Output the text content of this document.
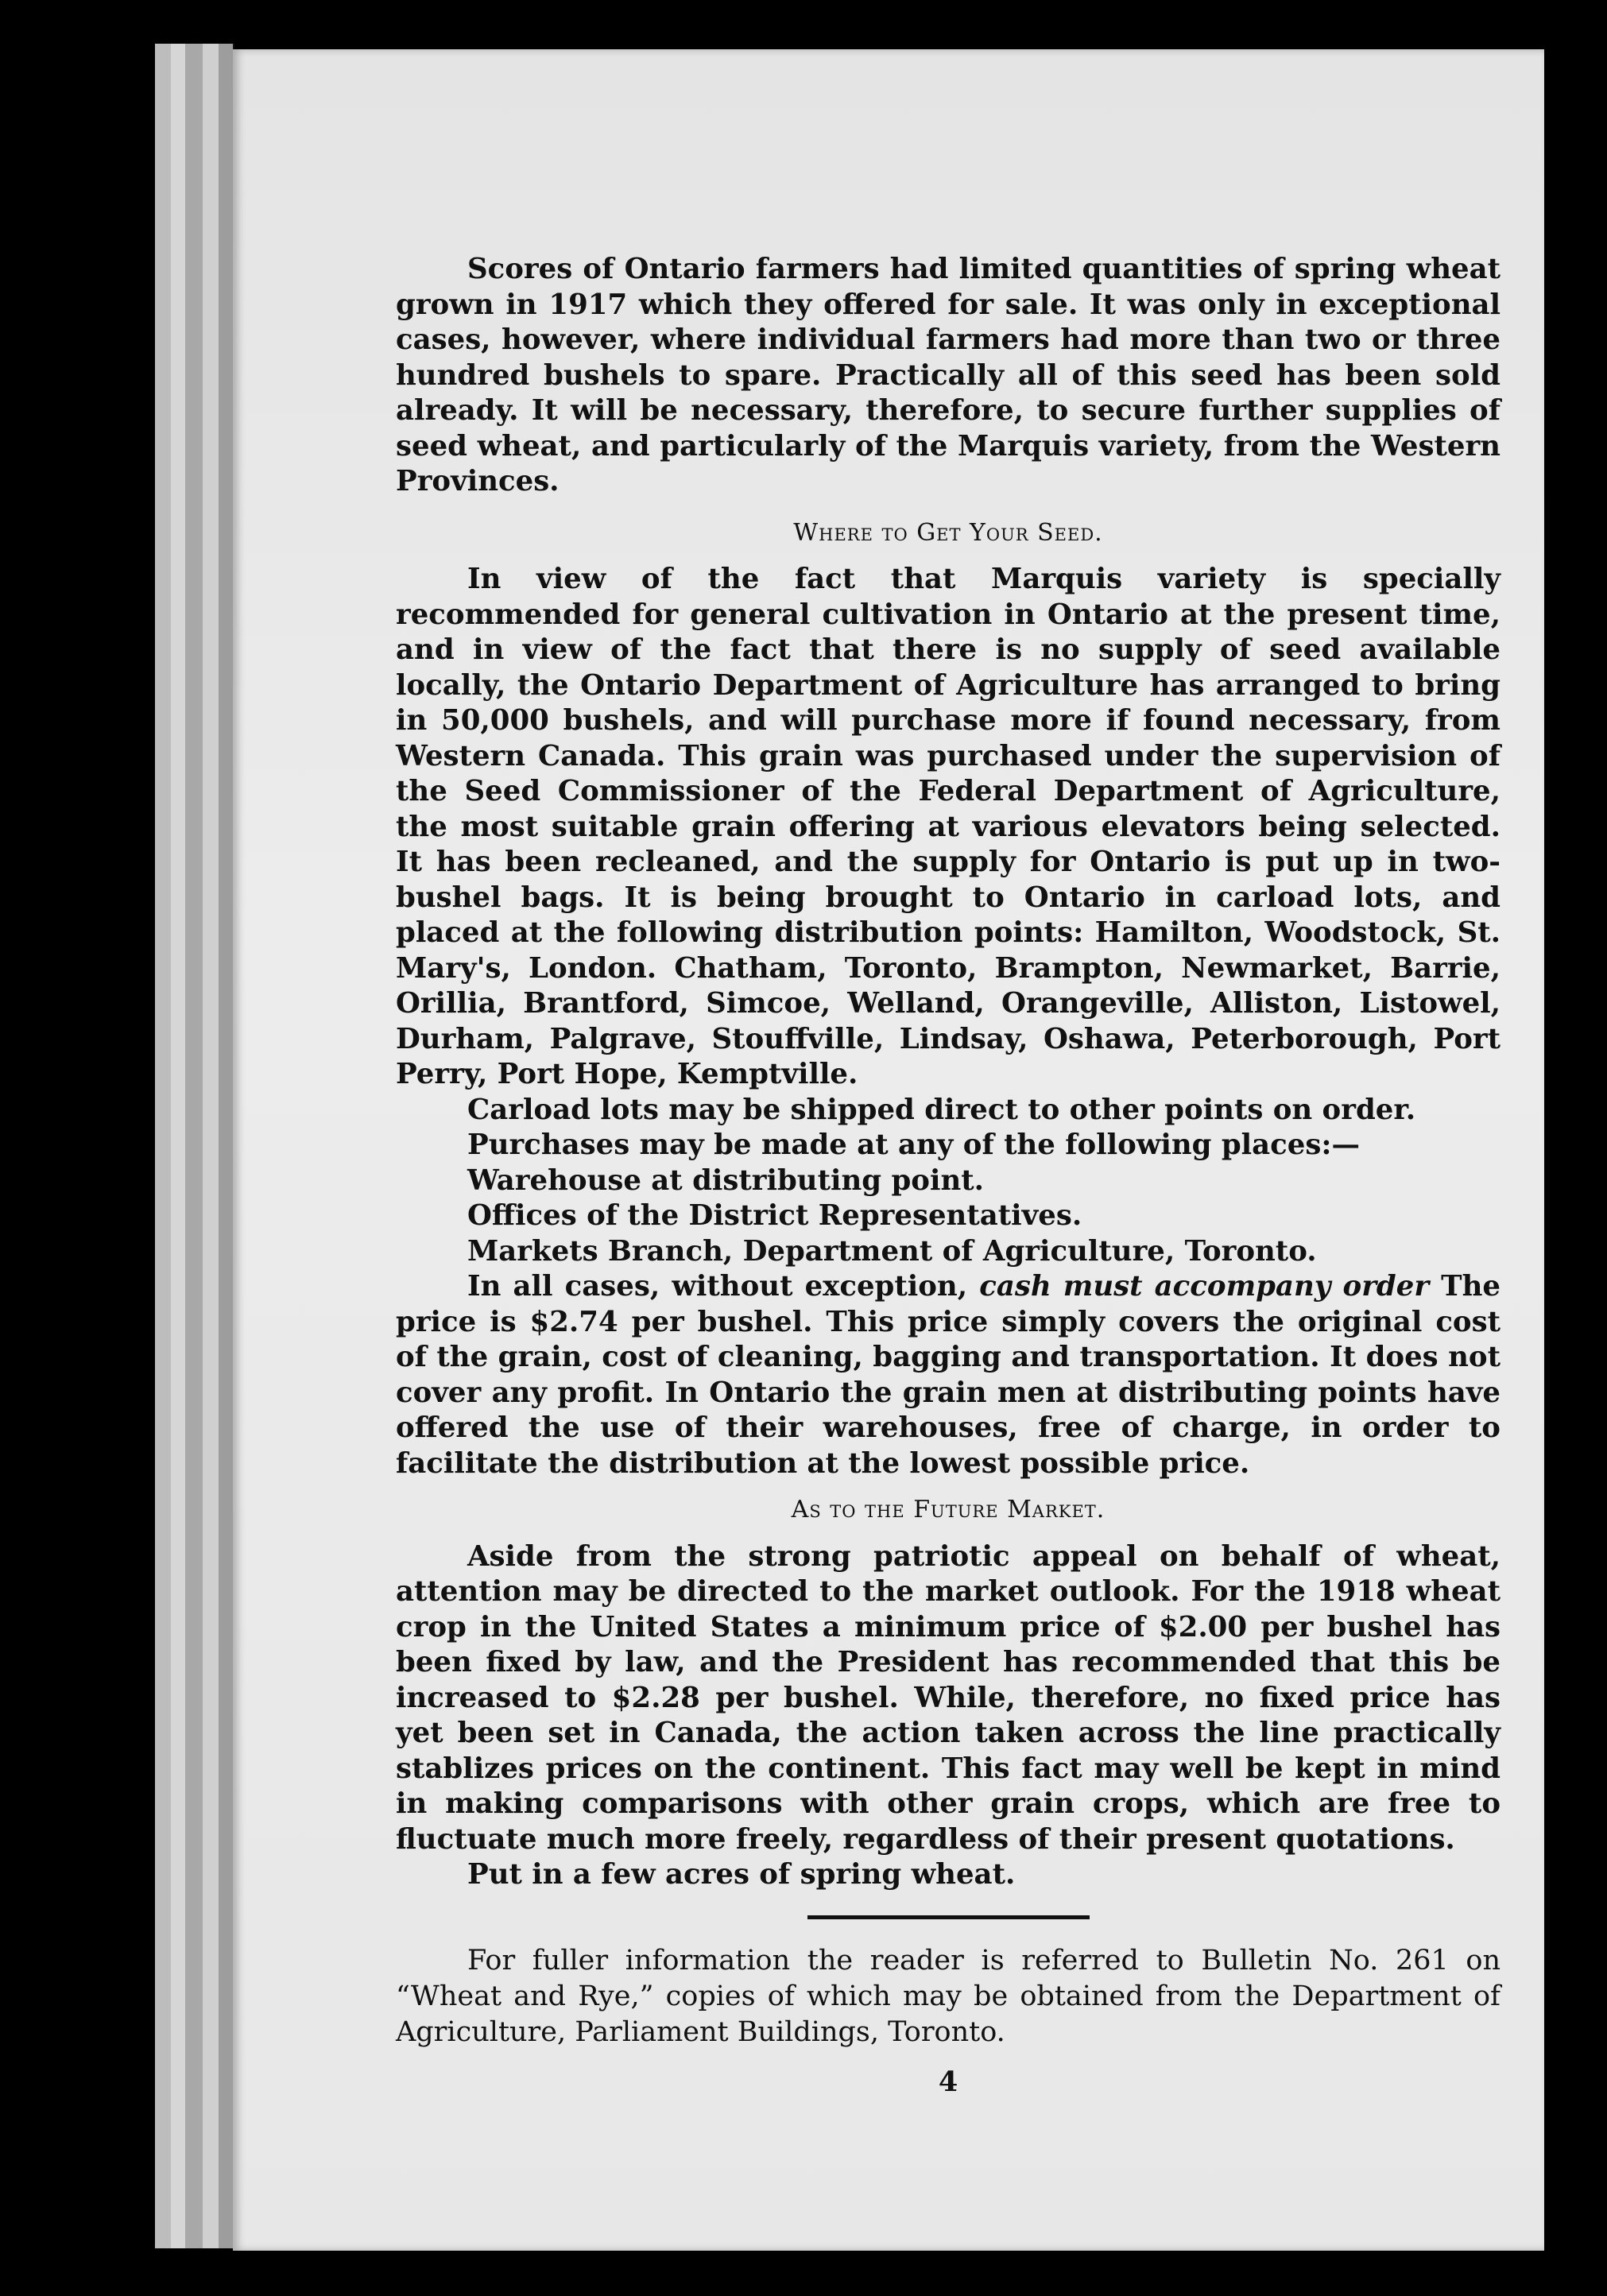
Scores of Ontario farmers had limited quantities of spring wheat grown in 1917 which they offered for sale. It was only in exceptional cases, however, where individual farmers had more than two or three hundred bushels to spare. Practically all of this seed has been sold already. It will be necessary, therefore, to secure further supplies of seed wheat, and particularly of the Marquis variety, from the Western Provinces.

Where to Get Your Seed.

In view of the fact that Marquis variety is specially recommended for general cultivation in Ontario at the present time, and in view of the fact that there is no supply of seed available locally, the Ontario Department of Agriculture has arranged to bring in 50,000 bushels, and will purchase more if found necessary, from Western Canada. This grain was purchased under the supervision of the Seed Commissioner of the Federal Department of Agriculture, the most suitable grain offering at various elevators being selected. It has been recleaned, and the supply for Ontario is put up in two-bushel bags. It is being brought to Ontario in carload lots, and placed at the following distribution points: Hamilton, Woodstock, St. Mary's, London. Chatham, Toronto, Brampton, Newmarket, Barrie, Orillia, Brantford, Simcoe, Welland, Orangeville, Alliston, Listowel, Durham, Palgrave, Stouffville, Lindsay, Oshawa, Peterborough, Port Perry, Port Hope, Kemptville.

Carload lots may be shipped direct to other points on order.
Purchases may be made at any of the following places:—
Warehouse at distributing point.
Offices of the District Representatives.
Markets Branch, Department of Agriculture, Toronto.

In all cases, without exception, cash must accompany order The price is $2.74 per bushel. This price simply covers the original cost of the grain, cost of cleaning, bagging and transportation. It does not cover any profit. In Ontario the grain men at distributing points have offered the use of their warehouses, free of charge, in order to facilitate the distribution at the lowest possible price.

As to the Future Market.

Aside from the strong patriotic appeal on behalf of wheat, attention may be directed to the market outlook. For the 1918 wheat crop in the United States a minimum price of $2.00 per bushel has been fixed by law, and the President has recommended that this be increased to $2.28 per bushel. While, therefore, no fixed price has yet been set in Canada, the action taken across the line practically stablizes prices on the continent. This fact may well be kept in mind in making comparisons with other grain crops, which are free to fluctuate much more freely, regardless of their present quotations.

Put in a few acres of spring wheat.

For fuller information the reader is referred to Bulletin No. 261 on “Wheat and Rye,” copies of which may be obtained from the Department of Agriculture, Parliament Buildings, Toronto.

4
